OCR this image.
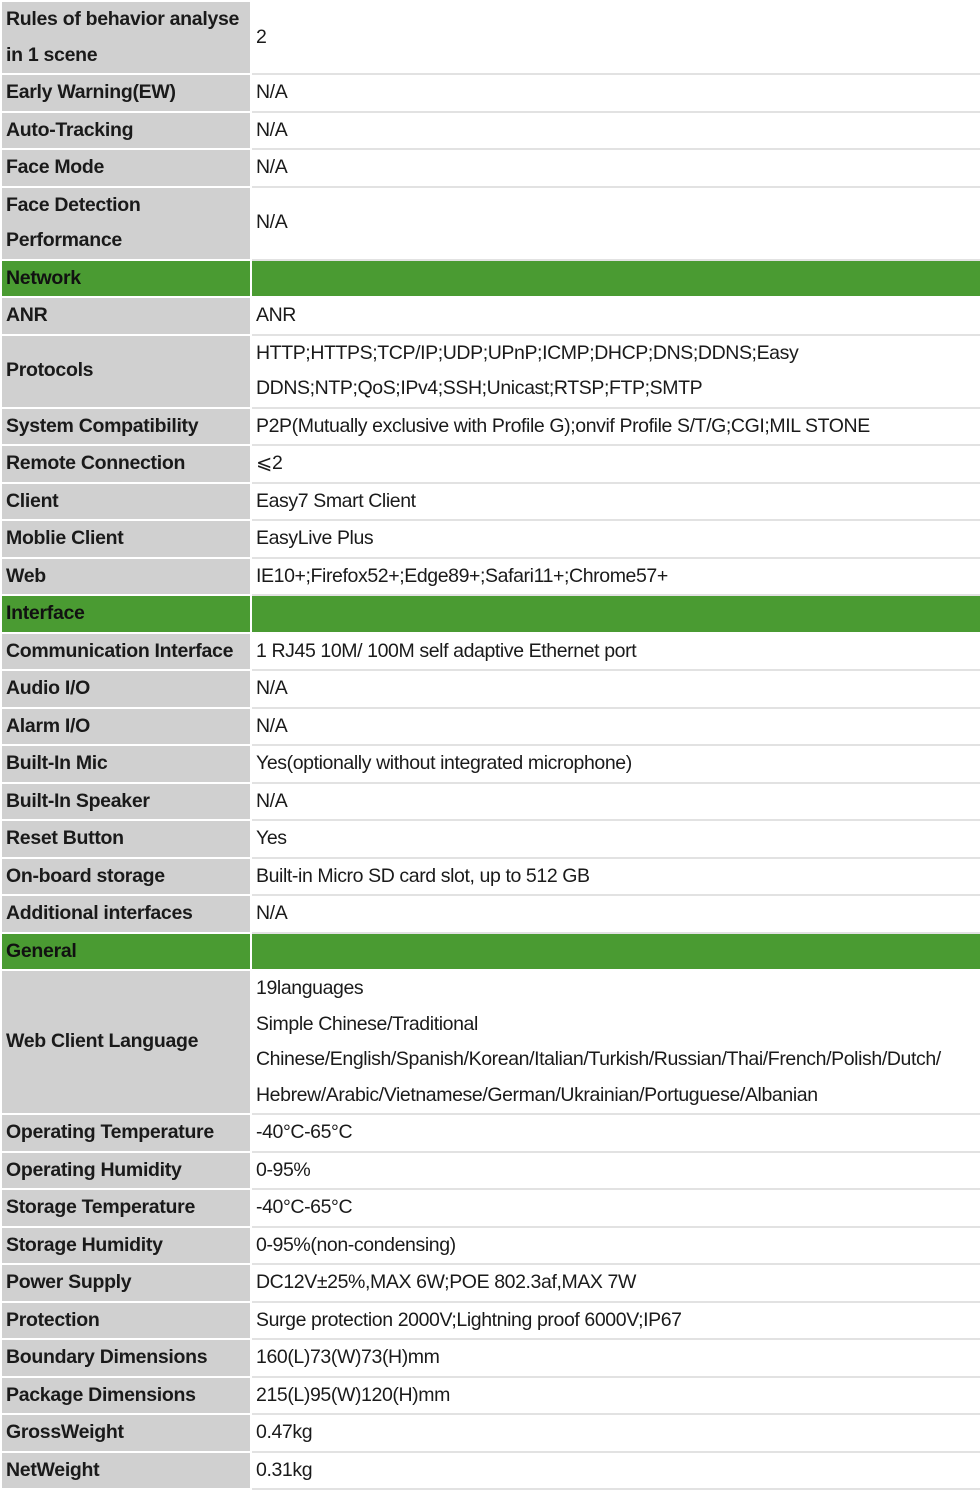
Rules of behavior analyse in 1 scene	2
Early Warning(EW)	N/A
Auto-Tracking	N/A
Face Mode	N/A
Face Detection Performance	N/A
Network	
ANR	ANR
Protocols	HTTP;HTTPS;TCP/IP;UDP;UPnP;ICMP;DHCP;DNS;DDNS;Easy DDNS;NTP;QoS;IPv4;SSH;Unicast;RTSP;FTP;SMTP
System Compatibility	P2P(Mutually exclusive with Profile G);onvif Profile S/T/G;CGI;MIL STONE
Remote Connection	⩽2
Client	Easy7 Smart Client
Moblie Client	EasyLive Plus
Web	IE10+;Firefox52+;Edge89+;Safari11+;Chrome57+
Interface	
Communication Interface	1 RJ45 10M/ 100M self adaptive Ethernet port
Audio I/O	N/A
Alarm I/O	N/A
Built-In Mic	Yes(optionally without integrated microphone)
Built-In Speaker	N/A
Reset Button	Yes
On-board storage	Built-in Micro SD card slot, up to 512 GB
Additional interfaces	N/A
General	
Web Client Language	19languages
Simple Chinese/Traditional
Chinese/English/Spanish/Korean/Italian/Turkish/Russian/Thai/French/Polish/Dutch/
Hebrew/Arabic/Vietnamese/German/Ukrainian/Portuguese/Albanian

Operating Temperature	-40°C-65°C
Operating Humidity	0-95%
Storage Temperature	-40°C-65°C
Storage Humidity	0-95%(non-condensing)
Power Supply	DC12V±25%,MAX 6W;POE 802.3af,MAX 7W
Protection	Surge protection 2000V;Lightning proof 6000V;IP67
Boundary Dimensions	160(L)73(W)73(H)mm
Package Dimensions	215(L)95(W)120(H)mm
GrossWeight	0.47kg
NetWeight	0.31kg
